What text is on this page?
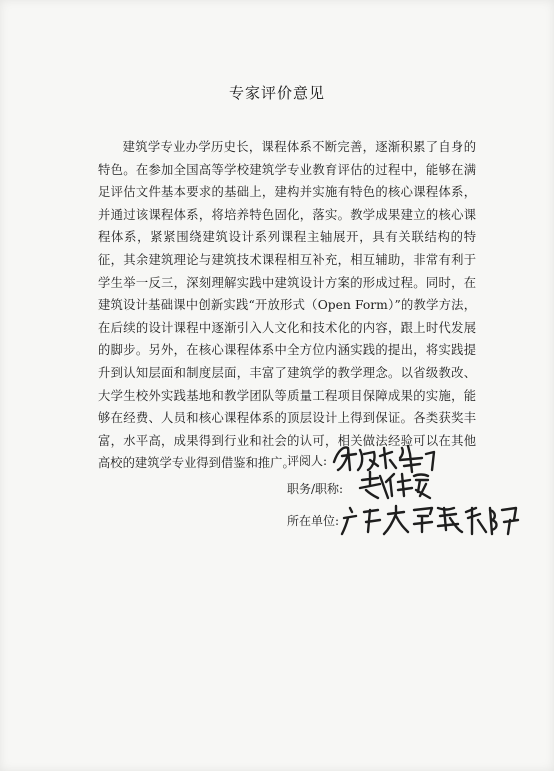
专家评价意见

建筑学专业办学历史长，课程体系不断完善，逐渐积累了自身的特色。在参加全国高等学校建筑学专业教育评估的过程中，能够在满足评估文件基本要求的基础上，建构并实施有特色的核心课程体系，并通过该课程体系，将培养特色固化，落实。教学成果建立的核心课程体系，紧紧围绕建筑设计系列课程主轴展开，具有关联结构的特征，其余建筑理论与建筑技术课程相互补充，相互辅助，非常有利于学生举一反三，深刻理解实践中建筑设计方案的形成过程。同时，在建筑设计基础课中创新实践“开放形式（Open Form）”的教学方法，在后续的设计课程中逐渐引入人文化和技术化的内容，跟上时代发展的脚步。另外，在核心课程体系中全方位内涵实践的提出，将实践提升到认知层面和制度层面，丰富了建筑学的教学理念。以省级教改、大学生校外实践基地和教学团队等质量工程项目保障成果的实施，能够在经费、人员和核心课程体系的顶层设计上得到保证。各类获奖丰富，水平高，成果得到行业和社会的认可，相关做法经验可以在其他高校的建筑学专业得到借鉴和推广。

评阅人:
职务/职称:
所在单位:
